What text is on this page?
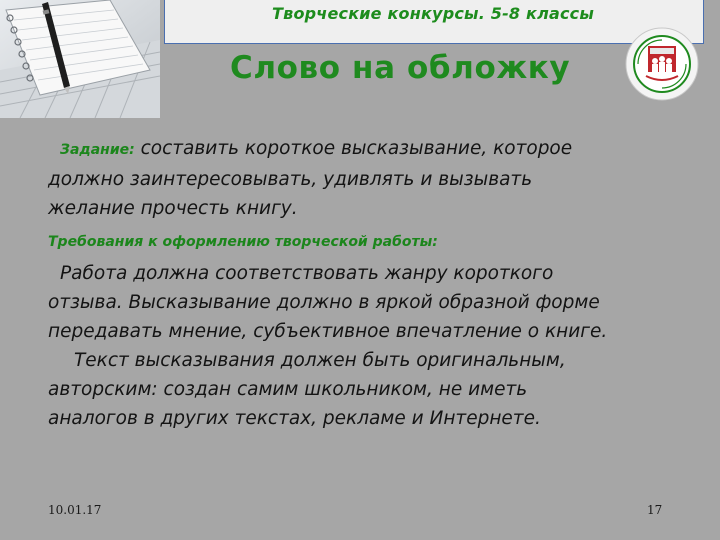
Творческие конкурсы. 5-8 классы
Слово на обложку

Задание: составить короткое высказывание, которое
должно заинтересовывать, удивлять и вызывать
желание прочесть книгу.

Требования к оформлению творческой работы:

Работа должна соответствовать жанру короткого
отзыва. Высказывание должно в яркой образной форме
передавать мнение, субъективное впечатление о книге.
Текст высказывания должен быть оригинальным,
авторским: создан самим школьником, не иметь
аналогов в других текстах, рекламе и Интернете.
10.01.17	17
